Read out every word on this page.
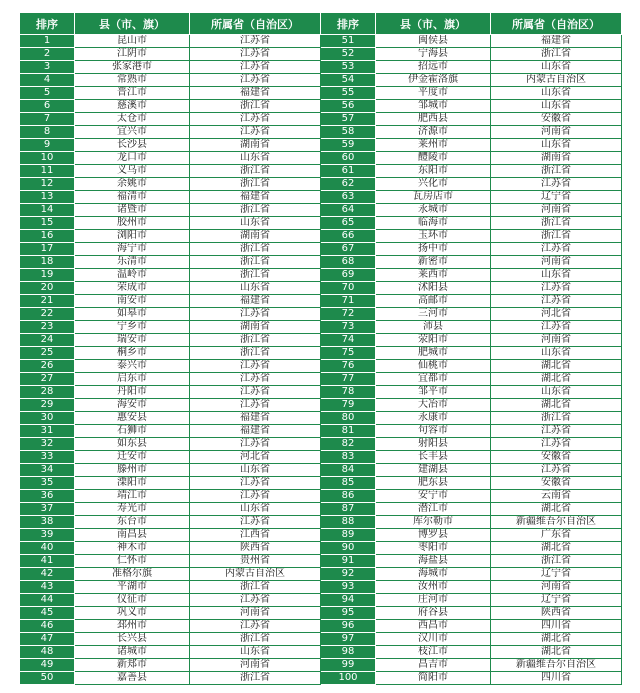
排序	县（市、旗）	所属省（自治区）	排序	县（市、旗）	所属省（自治区）
1	昆山市	江苏省	51	闽侯县	福建省
2	江阴市	江苏省	52	宁海县	浙江省
3	张家港市	江苏省	53	招远市	山东省
4	常熟市	江苏省	54	伊金霍洛旗	内蒙古自治区
5	晋江市	福建省	55	平度市	山东省
6	慈溪市	浙江省	56	邹城市	山东省
7	太仓市	江苏省	57	肥西县	安徽省
8	宜兴市	江苏省	58	济源市	河南省
9	长沙县	湖南省	59	莱州市	山东省
10	龙口市	山东省	60	醴陵市	湖南省
11	义乌市	浙江省	61	东阳市	浙江省
12	余姚市	浙江省	62	兴化市	江苏省
13	福清市	福建省	63	瓦房店市	辽宁省
14	诸暨市	浙江省	64	永城市	河南省
15	胶州市	山东省	65	临海市	浙江省
16	浏阳市	湖南省	66	玉环市	浙江省
17	海宁市	浙江省	67	扬中市	江苏省
18	乐清市	浙江省	68	新密市	河南省
19	温岭市	浙江省	69	莱西市	山东省
20	荣成市	山东省	70	沭阳县	江苏省
21	南安市	福建省	71	高邮市	江苏省
22	如皋市	江苏省	72	三河市	河北省
23	宁乡市	湖南省	73	沛县	江苏省
24	瑞安市	浙江省	74	荥阳市	河南省
25	桐乡市	浙江省	75	肥城市	山东省
26	泰兴市	江苏省	76	仙桃市	湖北省
27	启东市	江苏省	77	宜都市	湖北省
28	丹阳市	江苏省	78	邹平市	山东省
29	海安市	江苏省	79	大冶市	湖北省
30	惠安县	福建省	80	永康市	浙江省
31	石狮市	福建省	81	句容市	江苏省
32	如东县	江苏省	82	射阳县	江苏省
33	迁安市	河北省	83	长丰县	安徽省
34	滕州市	山东省	84	建湖县	江苏省
35	溧阳市	江苏省	85	肥东县	安徽省
36	靖江市	江苏省	86	安宁市	云南省
37	寿光市	山东省	87	潜江市	湖北省
38	东台市	江苏省	88	库尔勒市	新疆维吾尔自治区
39	南昌县	江西省	89	博罗县	广东省
40	神木市	陕西省	90	枣阳市	湖北省
41	仁怀市	贵州省	91	海盐县	浙江省
42	准格尔旗	内蒙古自治区	92	海城市	辽宁省
43	平湖市	浙江省	93	汝州市	河南省
44	仪征市	江苏省	94	庄河市	辽宁省
45	巩义市	河南省	95	府谷县	陕西省
46	邳州市	江苏省	96	西昌市	四川省
47	长兴县	浙江省	97	汉川市	湖北省
48	诸城市	山东省	98	枝江市	湖北省
49	新郑市	河南省	99	昌吉市	新疆维吾尔自治区
50	嘉善县	浙江省	100	简阳市	四川省
